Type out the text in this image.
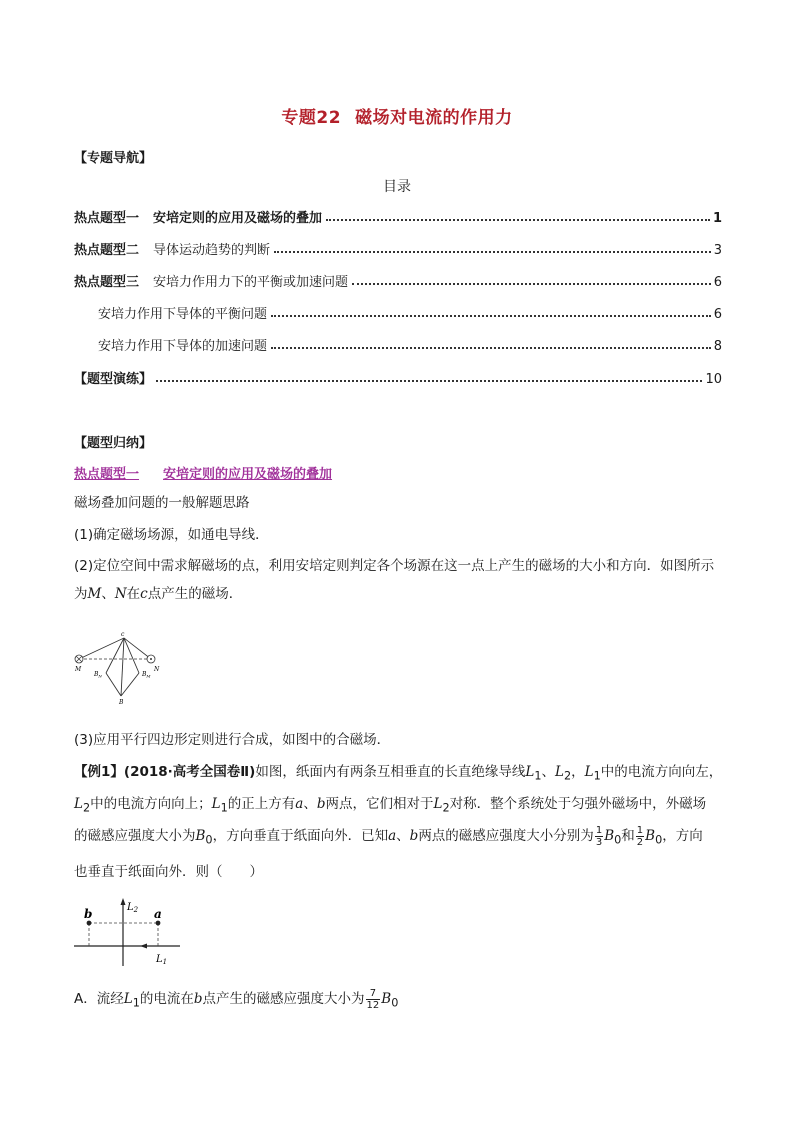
专题22 磁场对电流的作用力
【专题导航】
目录
热点题型一 安培定则的应用及磁场的叠加	1
热点题型二 导体运动趋势的判断	3
热点题型三 安培力作用力下的平衡或加速问题	6
安培力作用下导体的平衡问题	6
安培力作用下导体的加速问题	8
【题型演练】	10
【题型归纳】
热点题型一 安培定则的应用及磁场的叠加
磁场叠加问题的一般解题思路
(1)确定磁场场源，如通电导线．
(2)定位空间中需求解磁场的点，利用安培定则判定各个场源在这一点上产生的磁场的大小和方向．如图所示为M、N在c点产生的磁场．
c
M	N
$B_N$	$B_M$
B
(3)应用平行四边形定则进行合成，如图中的合磁场．
【例1】(2018·高考全国卷Ⅱ)如图，纸面内有两条互相垂直的长直绝缘导线$L_1$、$L_2$，$L_1$中的电流方向向左，
$L_2$中的电流方向向上；$L_1$的正上方有a、b两点，它们相对于$L_2$对称．整个系统处于匀强外磁场中，外磁场
的磁感应强度大小为$B_0$，方向垂直于纸面向外．已知a、b两点的磁感应强度大小分别为 $\frac{1}{3} B_0$和 $\frac{1}{2} B_0$，方向
也垂直于纸面向外．则（　　）
b	a
$L_2$
$L_1$
A．流经$L_1$的电流在b点产生的磁感应强度大小为 $\frac{7}{12} B_0$
